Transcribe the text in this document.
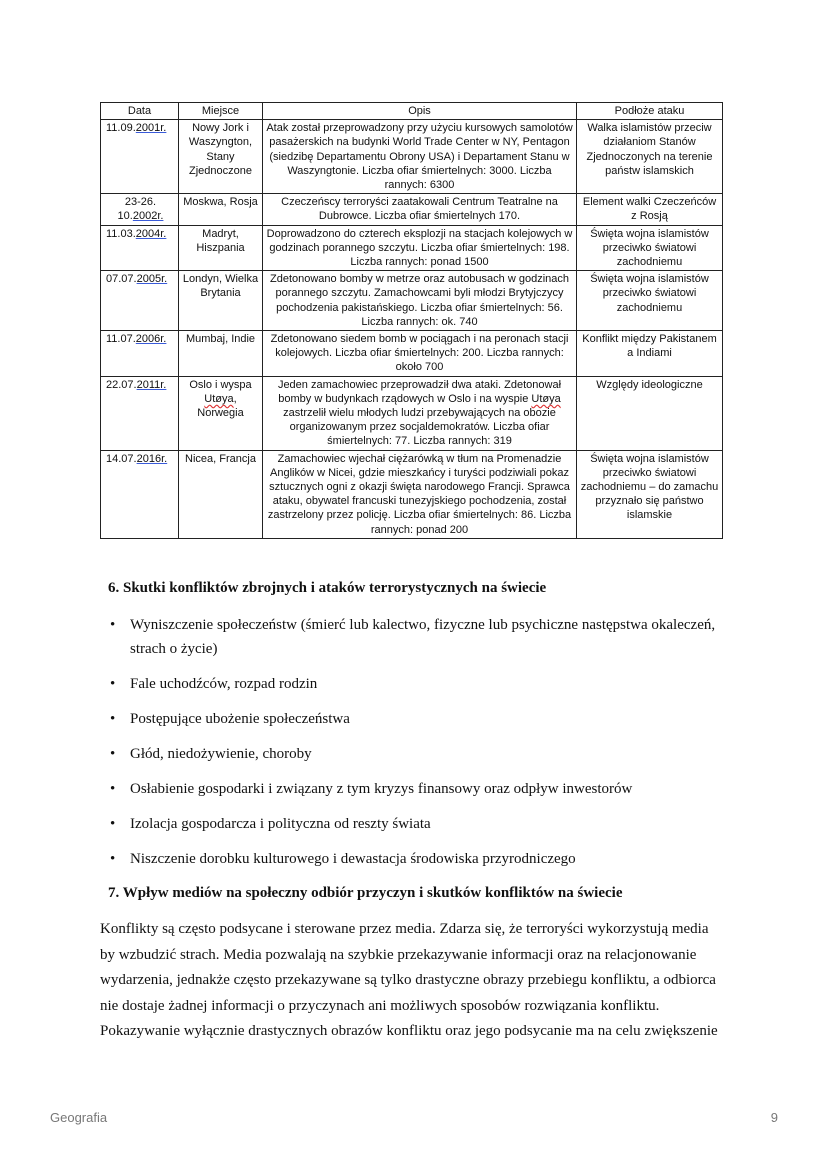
Data	Miejsce	Opis	Podłoże ataku
11.09.2001r.	Nowy Jork i Waszyngton, Stany Zjednoczone	Atak został przeprowadzony przy użyciu kursowych samolotów pasażerskich na budynki World Trade Center w NY, Pentagon (siedzibę Departamentu Obrony USA) i Departament Stanu w Waszyngtonie. Liczba ofiar śmiertelnych: 3000. Liczba rannych: 6300	Walka islamistów przeciw działaniom Stanów Zjednoczonych na terenie państw islamskich
23-26. 10.2002r.	Moskwa, Rosja	Czeczeńscy terroryści zaatakowali Centrum Teatralne na Dubrowce. Liczba ofiar śmiertelnych 170.	Element walki Czeczeńców z Rosją
11.03.2004r.	Madryt, Hiszpania	Doprowadzono do czterech eksplozji na stacjach kolejowych w godzinach porannego szczytu. Liczba ofiar śmiertelnych: 198. Liczba rannych: ponad 1500	Święta wojna islamistów przeciwko światowi zachodniemu
07.07.2005r.	Londyn, Wielka Brytania	Zdetonowano bomby w metrze oraz autobusach w godzinach porannego szczytu. Zamachowcami byli młodzi Brytyjczycy pochodzenia pakistańskiego. Liczba ofiar śmiertelnych: 56. Liczba rannych: ok. 740	Święta wojna islamistów przeciwko światowi zachodniemu
11.07.2006r.	Mumbaj, Indie	Zdetonowano siedem bomb w pociągach i na peronach stacji kolejowych. Liczba ofiar śmiertelnych: 200. Liczba rannych: około 700	Konflikt między Pakistanem a Indiami
22.07.2011r.	Oslo i wyspa Utøya, Norwegia	Jeden zamachowiec przeprowadził dwa ataki. Zdetonował bomby w budynkach rządowych w Oslo i na wyspie Utøya zastrzelił wielu młodych ludzi przebywających na obozie organizowanym przez socjaldemokratów. Liczba ofiar śmiertelnych: 77. Liczba rannych: 319	Względy ideologiczne
14.07.2016r.	Nicea, Francja	Zamachowiec wjechał ciężarówką w tłum na Promenadzie Anglików w Nicei, gdzie mieszkańcy i turyści podziwiali pokaz sztucznych ogni z okazji święta narodowego Francji. Sprawca ataku, obywatel francuski tunezyjskiego pochodzenia, został zastrzelony przez policję. Liczba ofiar śmiertelnych: 86. Liczba rannych: ponad 200	Święta wojna islamistów przeciwko światowi zachodniemu – do zamachu przyznało się państwo islamskie
6. Skutki konfliktów zbrojnych i ataków terrorystycznych na świecie
• Wyniszczenie społeczeństw (śmierć lub kalectwo, fizyczne lub psychiczne następstwa okaleczeń, strach o życie)
• Fale uchodźców, rozpad rodzin
• Postępujące ubożenie społeczeństwa
• Głód, niedożywienie, choroby
• Osłabienie gospodarki i związany z tym kryzys finansowy oraz odpływ inwestorów
• Izolacja gospodarcza i polityczna od reszty świata
• Niszczenie dorobku kulturowego i dewastacja środowiska przyrodniczego
7. Wpływ mediów na społeczny odbiór przyczyn i skutków konfliktów na świecie

Konflikty są często podsycane i sterowane przez media. Zdarza się, że terroryści wykorzystują media by wzbudzić strach. Media pozwalają na szybkie przekazywanie informacji oraz na relacjonowanie wydarzenia, jednakże często przekazywane są tylko drastyczne obrazy przebiegu konfliktu, a odbiorca nie dostaje żadnej informacji o przyczynach ani możliwych sposobów rozwiązania konfliktu. Pokazywanie wyłącznie drastycznych obrazów konfliktu oraz jego podsycanie ma na celu zwiększenie

Geografia	9
